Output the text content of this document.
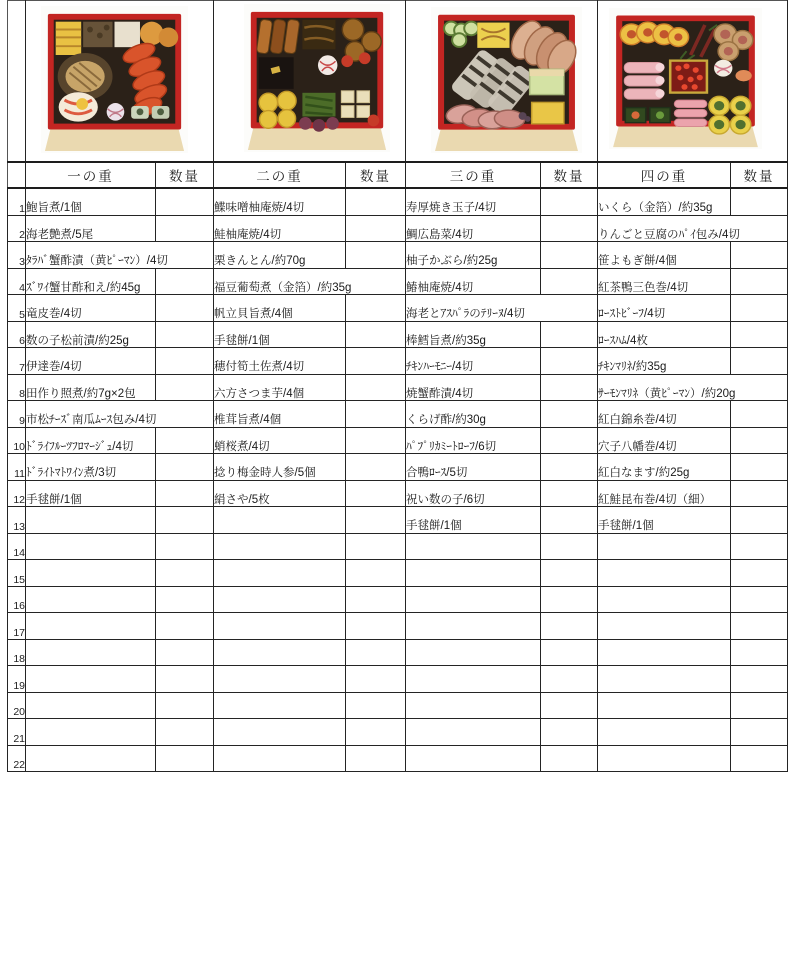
	一の重	数量	二の重	数量	三の重	数量	四の重	数量
1	鮑旨煮/1個		鰈味噌柚庵焼/4切		寿厚焼き玉子/4切		いくら（金箔）/約35g	
2	海老艶煮/5尾		鮭柚庵焼/4切		鯛広島菜/4切		りんごと豆腐のﾊﾟｲ包み/4切	
3	ﾀﾗﾊﾞ蟹酢漬（黄ﾋﾟｰﾏﾝ）/4切		栗きんとん/約70g		柚子かぶら/約25g		笹よもぎ餅/4個	
4	ｽﾞﾜｲ蟹甘酢和え/約45g		福豆葡萄煮（金箔）/約35g		鰆柚庵焼/4切		紅茶鴨三色巻/4切	
5	竜皮巻/4切		帆立貝旨煮/4個		海老とｱｽﾊﾟﾗのﾃﾘｰﾇ/4切		ﾛｰｽﾄﾋﾞｰﾌ/4切	
6	数の子松前漬/約25g		手毬餅/1個		棒鱈旨煮/約35g		ﾛｰｽﾊﾑ/4枚	
7	伊達巻/4切		穂付筍土佐煮/4切		ﾁｷﾝﾊｰﾓﾆｰ/4切		ﾁｷﾝﾏﾘﾈ/約35g	
8	田作り照煮/約7g×2包		六方さつま芋/4個		焼蟹酢漬/4切		ｻｰﾓﾝﾏﾘﾈ（黄ﾋﾟｰﾏﾝ）/約20g	
9	市松ﾁｰｽﾞ南瓜ﾑｰｽ包み/4切		椎茸旨煮/4個		くらげ酢/約30g		紅白錦糸巻/4切	
10	ﾄﾞﾗｲﾌﾙｰﾂﾌﾛﾏｰｼﾞｭ/4切		蛸桜煮/4切		ﾊﾟﾌﾟﾘｶﾐｰﾄﾛｰﾌ/6切		穴子八幡巻/4切	
11	ﾄﾞﾗｲﾄﾏﾄﾜｲﾝ煮/3切		捻り梅金時人参/5個		合鴨ﾛｰｽ/5切		紅白なます/約25g	
12	手毬餅/1個		絹さや/5枚		祝い数の子/6切		紅鮭昆布巻/4切（細）	
13					手毬餅/1個		手毬餅/1個	
14								
15								
16								
17								
18								
19								
20								
21								
22								
